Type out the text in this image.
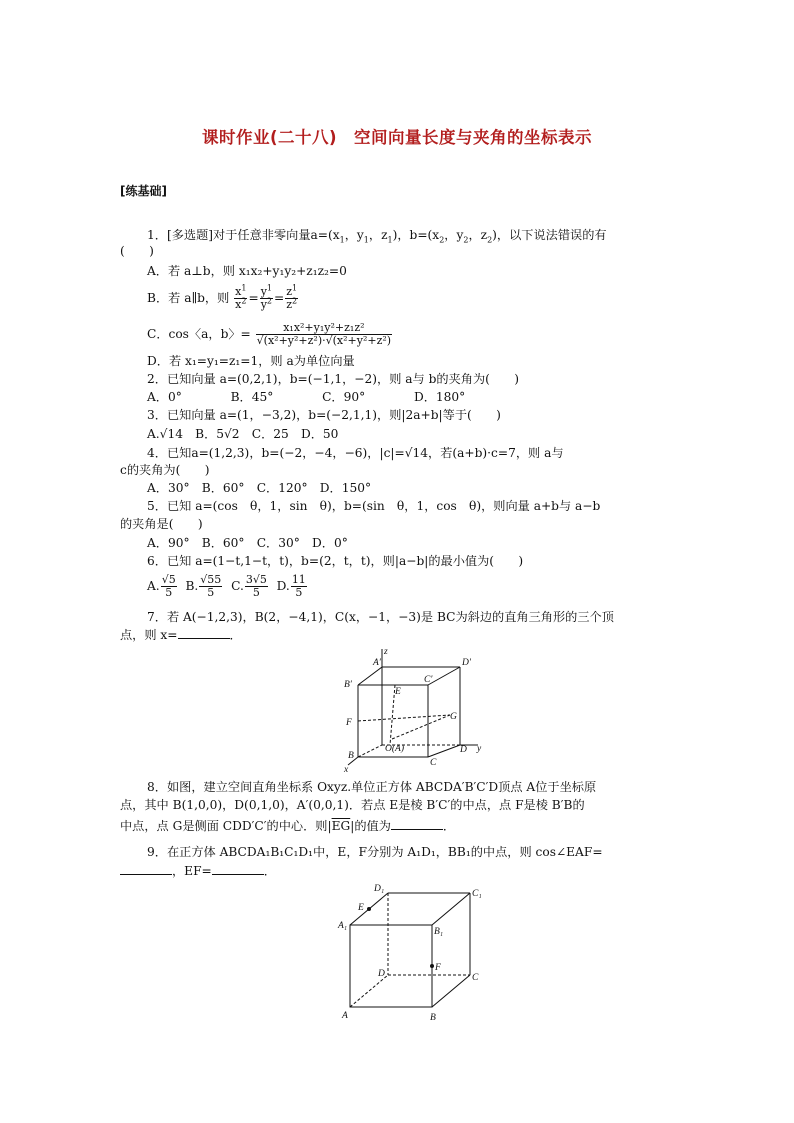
课时作业(二十八)　空间向量长度与夹角的坐标表示
[练基础]
1．[多选题]对于任意非零向量$a=(x_1$，$y_1$，$z_1$)，$b=(x_2$，$y_2$，$z_2$)，以下说法错误的有
(　　)
A．若 a⊥b，则 x₁x₂+y₁y₂+z₁z₂=0
B．若 a∥b，则 $\frac{x^1}{x^2} = \frac{y^1}{y^2} = \frac{z^1}{z^2}$
C．cos〈a，b〉= $\frac{\text{x₁x²+y₁y²+z₁z²}}{\text{√(x²+y²+z²)·√(x²+y²+z²)}}$
D．若 x₁=y₁=z₁=1，则 a为单位向量
2．已知向量 a=(0,2,1)，b=(−1,1，−2)，则 a与 b的夹角为(　　)
A．0°　　　　B．45°　　　　C．90°　　　　D．180°
3．已知向量 a=(1，−3,2)，b=(−2,1,1)，则|2a+b|等于(　　)
A.√14　B．5√2　C．25　D．50
4．已知a=(1,2,3)，b=(−2，−4，−6)，|c|=√14，若(a+b)·c=7，则 a与
c的夹角为(　　)
A．30°　B．60°　C．120°　D．150°
5．已知 a=(cos　θ，1，sin　θ)，b=(sin　θ，1，cos　θ)，则向量 a+b与 a−b
的夹角是(　　)
A．90°　B．60°　C．30°　D．0°
6．已知 a=(1−t,1−t，t)，b=(2，t，t)，则|a−b|的最小值为(　　)
A. $\frac{√5}{5} B$. $\frac{√55}{5} C$. $\frac{3√5}{5} D$. $\frac{11}{5}$
7．若 A(−1,2,3)，B(2，−4,1)，C(x，−1，−3)是 BC为斜边的直角三角形的三个顶
点，则 x=	．
z
A′	D′
B′	C′
E
F
G
O(A)
B
D
C
x
y
8．如图，建立空间直角坐标系 Oxyz.单位正方体 ABCDA′B′C′D顶点 A位于坐标原
点，其中 B(1,0,0)，D(0,1,0)，A′(0,0,1)．若点 E是棱 B′C′的中点，点 F是棱 B′B的
中点，点 G是侧面 CDD′C′的中心．则$|\overline{EG}|$的值为	．
9．在正方体 ABCDA₁B₁C₁D₁中，E，F分别为 A₁D₁，BB₁的中点，则 cos∠EAF=
，EF=	．
D₁	C₁
E
A₁
B₁
D
F
C
A	B
